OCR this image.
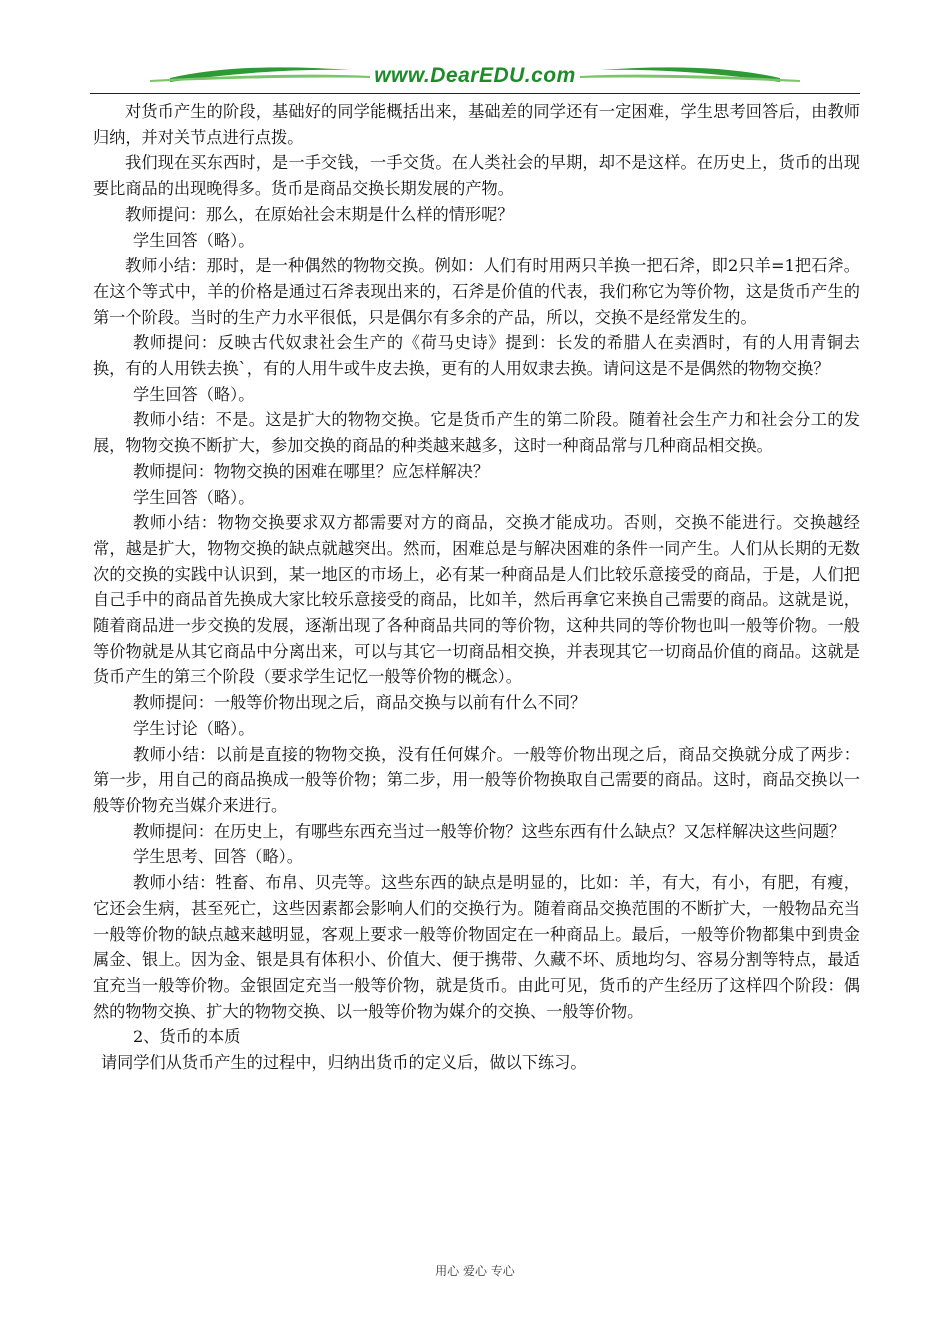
www.DearEDU.com

对货币产生的阶段，基础好的同学能概括出来，基础差的同学还有一定困难，学生思考回答后，由教师归纳，并对关节点进行点拨。

我们现在买东西时，是一手交钱，一手交货。在人类社会的早期，却不是这样。在历史上，货币的出现要比商品的出现晚得多。货币是商品交换长期发展的产物。

教师提问：那么，在原始社会末期是什么样的情形呢？

学生回答（略）。

教师小结：那时，是一种偶然的物物交换。例如：人们有时用两只羊换一把石斧，即2只羊=1把石斧。在这个等式中，羊的价格是通过石斧表现出来的，石斧是价值的代表，我们称它为等价物，这是货币产生的第一个阶段。当时的生产力水平很低，只是偶尔有多余的产品，所以，交换不是经常发生的。

教师提问：反映古代奴隶社会生产的《荷马史诗》提到：长发的希腊人在卖酒时，有的人用青铜去换，有的人用铁去换`，有的人用牛或牛皮去换，更有的人用奴隶去换。请问这是不是偶然的物物交换？

学生回答（略）。

教师小结：不是。这是扩大的物物交换。它是货币产生的第二阶段。随着社会生产力和社会分工的发展，物物交换不断扩大，参加交换的商品的种类越来越多，这时一种商品常与几种商品相交换。

教师提问：物物交换的困难在哪里？应怎样解决？

学生回答（略）。

教师小结：物物交换要求双方都需要对方的商品，交换才能成功。否则，交换不能进行。交换越经常，越是扩大，物物交换的缺点就越突出。然而，困难总是与解决困难的条件一同产生。人们从长期的无数次的交换的实践中认识到，某一地区的市场上，必有某一种商品是人们比较乐意接受的商品，于是，人们把自己手中的商品首先换成大家比较乐意接受的商品，比如羊，然后再拿它来换自己需要的商品。这就是说，随着商品进一步交换的发展，逐渐出现了各种商品共同的等价物，这种共同的等价物也叫一般等价物。一般等价物就是从其它商品中分离出来，可以与其它一切商品相交换，并表现其它一切商品价值的商品。这就是货币产生的第三个阶段（要求学生记忆一般等价物的概念）。

教师提问：一般等价物出现之后，商品交换与以前有什么不同？

学生讨论（略）。

教师小结：以前是直接的物物交换，没有任何媒介。一般等价物出现之后，商品交换就分成了两步：第一步，用自己的商品换成一般等价物；第二步，用一般等价物换取自己需要的商品。这时，商品交换以一般等价物充当媒介来进行。

教师提问：在历史上，有哪些东西充当过一般等价物？这些东西有什么缺点？又怎样解决这些问题？

学生思考、回答（略）。

教师小结：牲畜、布帛、贝壳等。这些东西的缺点是明显的，比如：羊，有大，有小，有肥，有瘦，它还会生病，甚至死亡，这些因素都会影响人们的交换行为。随着商品交换范围的不断扩大，一般物品充当一般等价物的缺点越来越明显，客观上要求一般等价物固定在一种商品上。最后，一般等价物都集中到贵金属金、银上。因为金、银是具有体积小、价值大、便于携带、久藏不坏、质地均匀、容易分割等特点，最适宜充当一般等价物。金银固定充当一般等价物，就是货币。由此可见，货币的产生经历了这样四个阶段：偶然的物物交换、扩大的物物交换、以一般等价物为媒介的交换、一般等价物。

2、货币的本质

请同学们从货币产生的过程中，归纳出货币的定义后，做以下练习。

用心 爱心 专心
